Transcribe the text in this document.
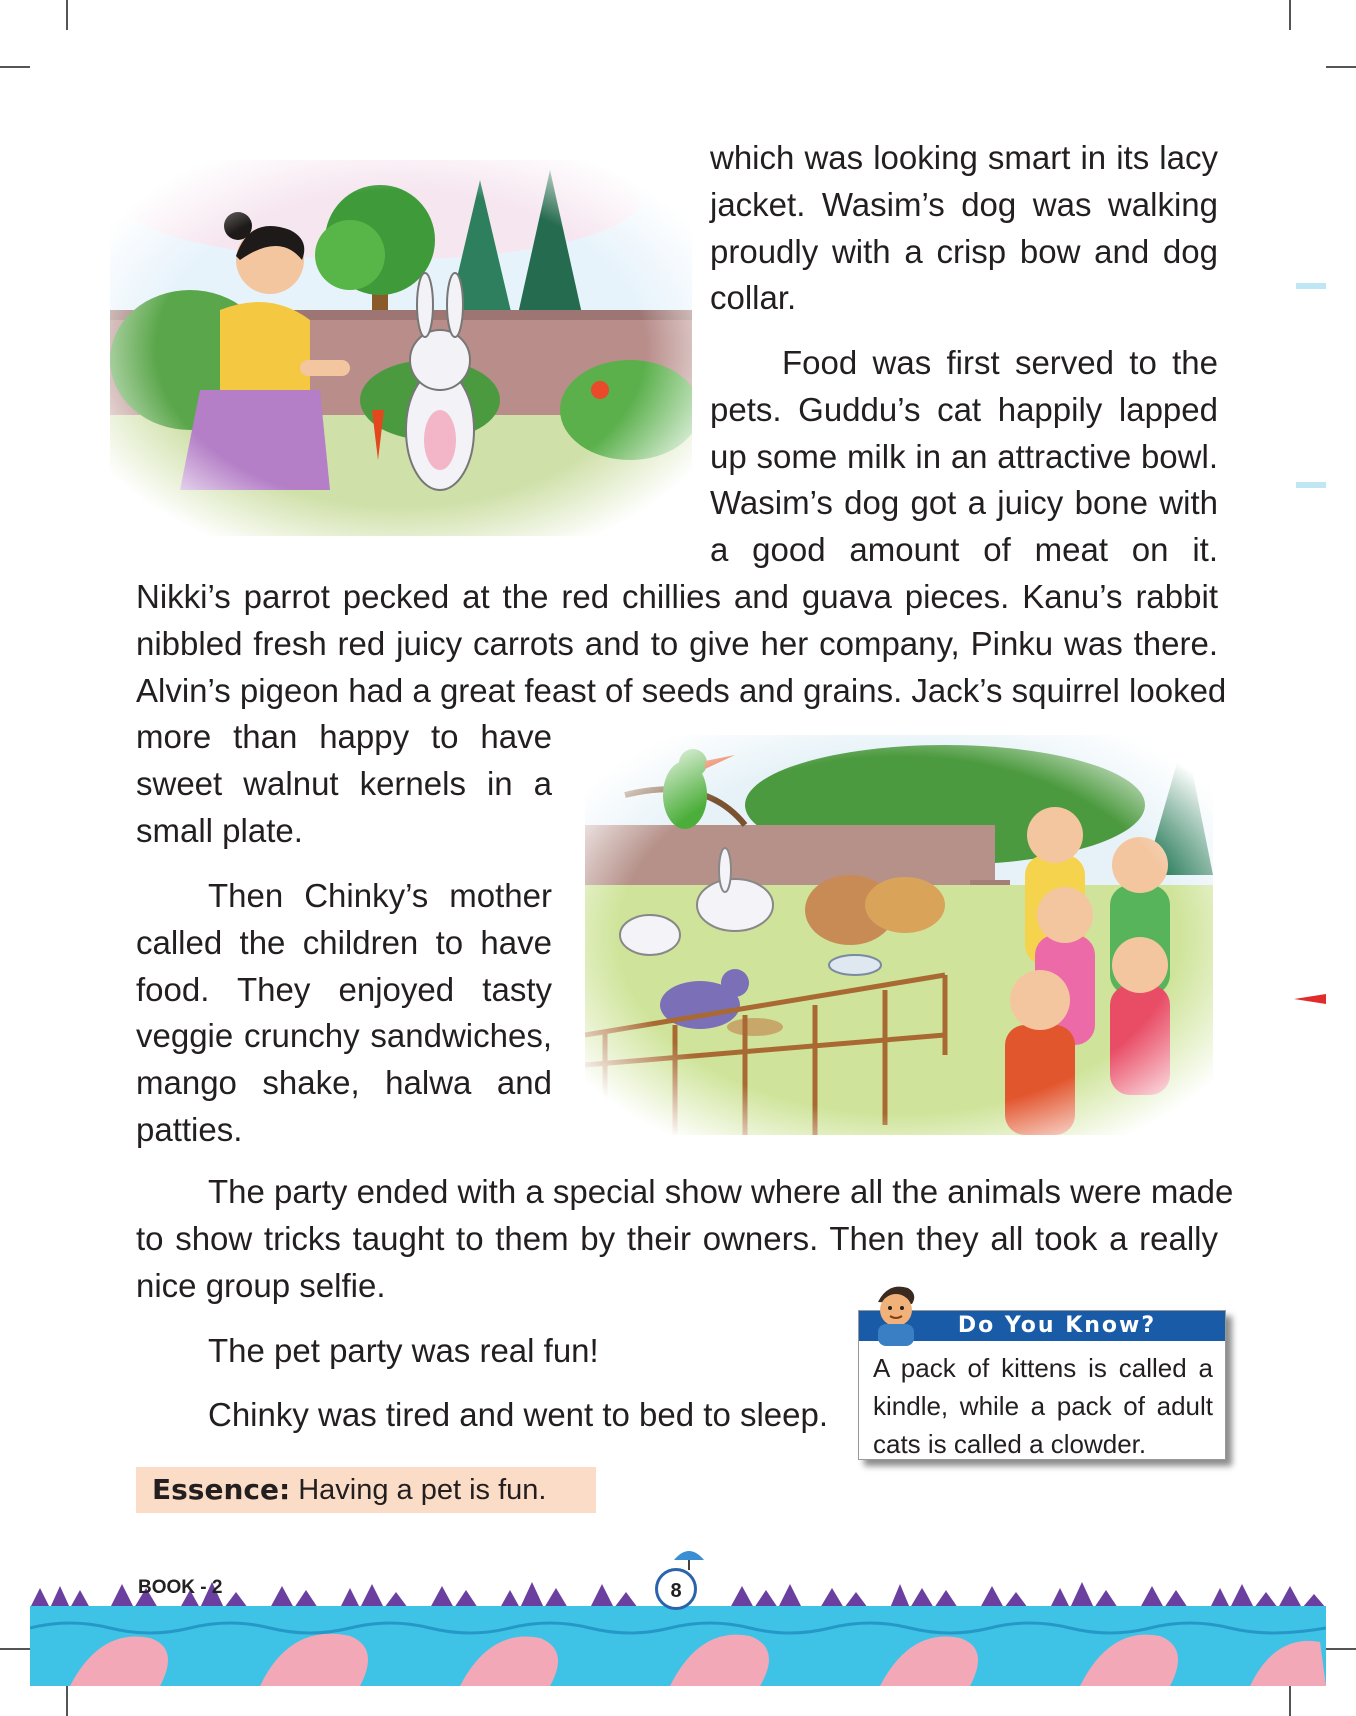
which was looking smart in its lacy
jacket. Wasim’s dog was walking
proudly with a crisp bow and dog
collar.
Food was first served to the
pets. Guddu’s cat happily lapped
up some milk in an attractive bowl.
Wasim’s dog got a juicy bone with
a good amount of meat on it.
Nikki’s parrot pecked at the red chillies and guava pieces. Kanu’s rabbit
nibbled fresh red juicy carrots and to give her company, Pinku was there.
Alvin’s pigeon had a great feast of seeds and grains. Jack’s squirrel looked
more than happy to have
sweet walnut kernels in a
small plate.
Then Chinky’s mother
called the children to have
food. They enjoyed tasty
veggie crunchy sandwiches,
mango shake, halwa and
patties.
The party ended with a special show where all the animals were made
to show tricks taught to them by their owners. Then they all took a really
nice group selfie.
The pet party was real fun!
Chinky was tired and went to bed to sleep.
Do You Know?
A pack of kittens is called a
kindle, while a pack of adult
cats is called a clowder.
Essence: Having a pet is fun.
BOOK - 2	8
